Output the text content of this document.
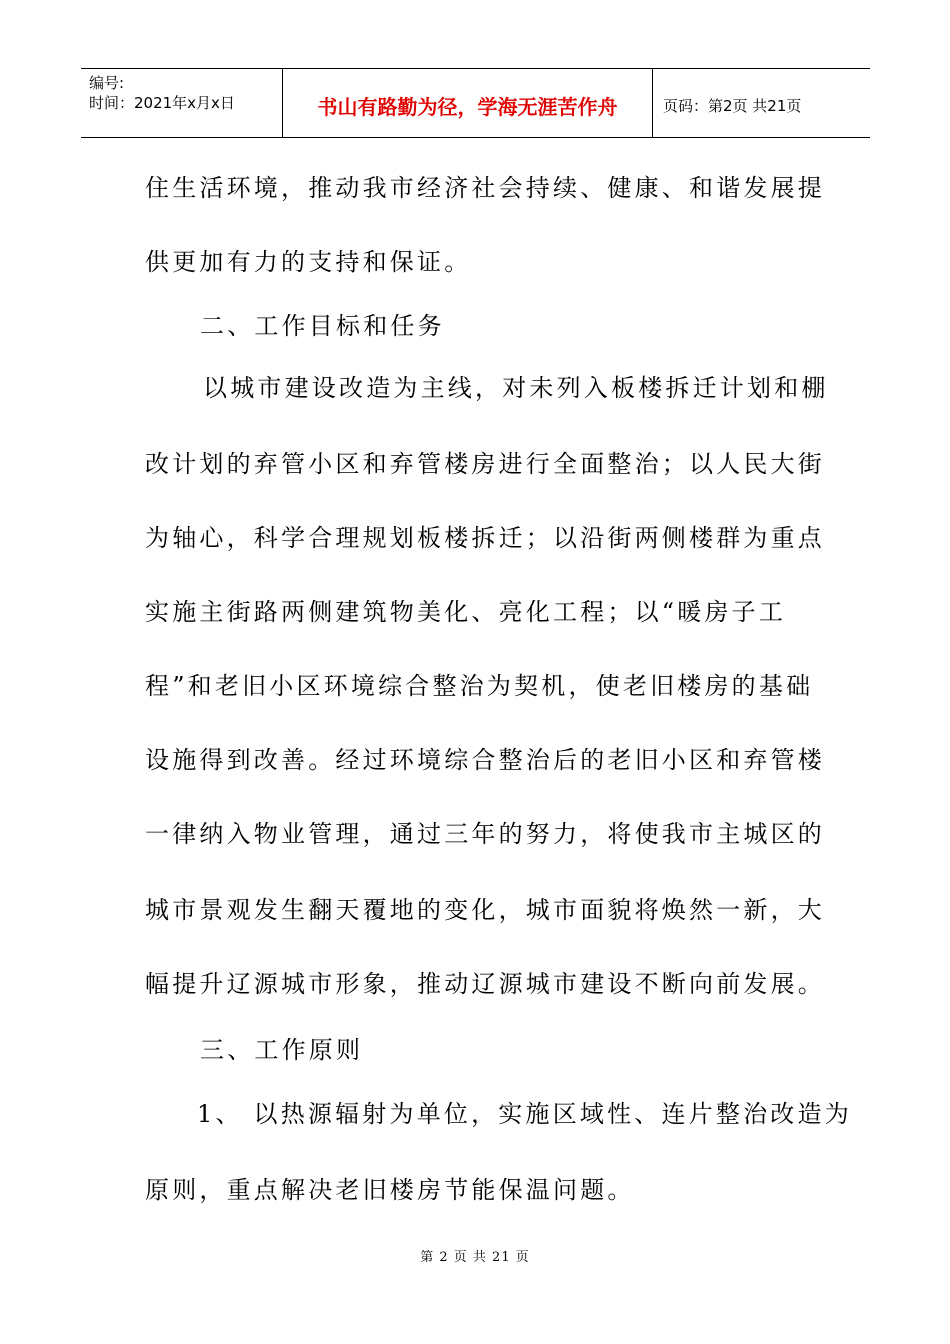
编号:
时间：2021年x月x日	书山有路勤为径，学海无涯苦作舟	页码：第2页 共21页
住生活环境，推动我市经济社会持续、健康、和谐发展提
供更加有力的支持和保证。
二、工作目标和任务
以城市建设改造为主线，对未列入板楼拆迁计划和棚
改计划的弃管小区和弃管楼房进行全面整治；以人民大街
为轴心，科学合理规划板楼拆迁；以沿街两侧楼群为重点
实施主街路两侧建筑物美化、亮化工程；以“暖房子工
程”和老旧小区环境综合整治为契机，使老旧楼房的基础
设施得到改善。经过环境综合整治后的老旧小区和弃管楼
一律纳入物业管理，通过三年的努力，将使我市主城区的
城市景观发生翻天覆地的变化，城市面貌将焕然一新，大
幅提升辽源城市形象，推动辽源城市建设不断向前发展。
三、工作原则
1、 以热源辐射为单位，实施区域性、连片整治改造为
原则，重点解决老旧楼房节能保温问题。
第 2 页 共 21 页
